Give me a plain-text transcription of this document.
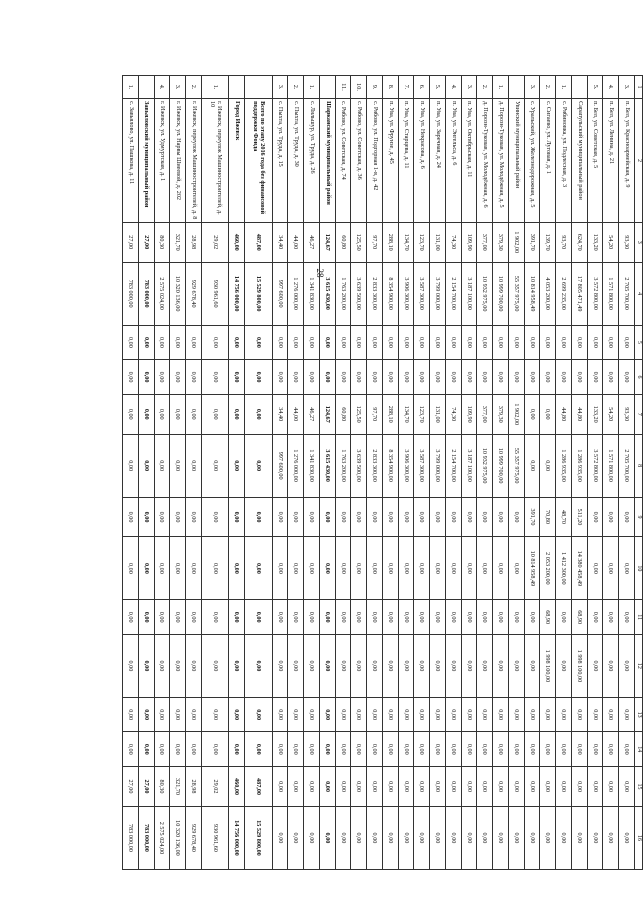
28
1	2	3	4	5	6	7	8	9	10	11	12	13	14	15	16
3.	п. Бел, ул. Красноармейская, д. 9	93,30	2 705 700,00	0,00	0,00	93,30	2 705 700,00	0,00	0,00	0,00	0,00	0,00	0,00	0,00	0,00
4.	п. Бел, ул. Ленина, д. 21	54,20	1 571 800,00	0,00	0,00	54,20	1 571 800,00	0,00	0,00	0,00	0,00	0,00	0,00	0,00	0,00
5.	п. Бел, ул. Советская, д. 5	133,20	3 572 800,00	0,00	0,00	133,20	3 572 800,00	0,00	0,00	0,00	0,00	0,00	0,00	0,00	0,00
	Сарапульский муниципальный район	624,70	17 805 471,49	0,00	0,00	44,80	1 286 935,00	511,20	14 380 458,49	68,90	1 998 100,00	0,00	0,00	0,00	0,00
1.	с. Рябиновка, ул. Подлесная, д. 3	93,70	2 699 235,00	0,00	0,00	44,80	1 286 935,00	48,70	1 412 300,00	0,00	0,00	0,00	0,00	0,00	0,00
2.	с. Сигаево, ул. Луговая, д. 1	139,70	4 053 200,00	0,00	0,00	0,00	0,00	70,80	2 053 200,00	68,90	1 998 100,00	0,00	0,00	0,00	0,00
3.	с. Уральский, ул. Железнодорожная, д. 5	391,70	10 814 958,49	0,00	0,00	0,00	0,00	391,70	10 814 958,49	0,00	0,00	0,00	0,00	0,00	0,00
	Увинский муниципальный район	1 902,00	55 357 975,00	0,00	0,00	1 902,00	55 357 975,00	0,00	0,00	0,00	0,00	0,00	0,00	0,00	0,00
1.	д. Порозн-Туковая, ул. Молодёжная, д. 5	379,30	10 999 700,00	0,00	0,00	379,30	10 999 700,00	0,00	0,00	0,00	0,00	0,00	0,00	0,00	0,00
2.	д. Порозн-Туковая, ул. Молодёжная, д. 6	377,00	10 932 975,00	0,00	0,00	377,00	10 932 975,00	0,00	0,00	0,00	0,00	0,00	0,00	0,00	0,00
3.	п. Ува, ул. Октябрьская, д. 11	109,90	3 187 100,00	0,00	0,00	109,90	3 187 100,00	0,00	0,00	0,00	0,00	0,00	0,00	0,00	0,00
4.	п. Ува, ул. Энгельса, д. 6	74,30	2 154 700,00	0,00	0,00	74,30	2 154 700,00	0,00	0,00	0,00	0,00	0,00	0,00	0,00	0,00
5.	п. Ува, ул. Заречная, д. 24	131,00	3 799 000,00	0,00	0,00	131,00	3 799 000,00	0,00	0,00	0,00	0,00	0,00	0,00	0,00	0,00
6.	п. Ува, ул. Некрасова, д. 6	123,70	3 587 300,00	0,00	0,00	123,70	3 587 300,00	0,00	0,00	0,00	0,00	0,00	0,00	0,00	0,00
7.	п. Ува, ул. Старцева, д. 11	134,70	3 906 300,00	0,00	0,00	134,70	3 906 300,00	0,00	0,00	0,00	0,00	0,00	0,00	0,00	0,00
8.	п. Ува, ул. Фрунзе, д. 45	288,10	8 354 900,00	0,00	0,00	288,10	8 354 900,00	0,00	0,00	0,00	0,00	0,00	0,00	0,00	0,00
9.	с. Рябово, ул. Подгорная 1-я, д. 42	97,70	2 833 300,00	0,00	0,00	97,70	2 833 300,00	0,00	0,00	0,00	0,00	0,00	0,00	0,00	0,00
10.	с. Рябово, ул. Советская, д. 36	125,50	3 639 500,00	0,00	0,00	125,50	3 639 500,00	0,00	0,00	0,00	0,00	0,00	0,00	0,00	0,00
11.	с. Рябово, ул. Советская, д. 74	60,80	1 763 200,00	0,00	0,00	60,80	1 763 200,00	0,00	0,00	0,00	0,00	0,00	0,00	0,00	0,00
	Шарканский муниципальный район	124,67	3 615 430,00	0,00	0,00	124,67	3 615 430,00	0,00	0,00	0,00	0,00	0,00	0,00	0,00	0,00
1.	с. Ляльшур, ул. Труда, д. 26	46,27	1 341 830,00	0,00	0,00	46,27	1 341 830,00	0,00	0,00	0,00	0,00	0,00	0,00	0,00	0,00
2.	с. Пыхта, ул. Труда, д. 30	44,00	1 276 000,00	0,00	0,00	44,00	1 276 000,00	0,00	0,00	0,00	0,00	0,00	0,00	0,00	0,00
3.	с. Пыхта, ул. Труда, д. 15	34,40	997 600,00	0,00	0,00	34,40	997 600,00	0,00	0,00	0,00	0,00	0,00	0,00	0,00	0,00
	Всего по этапу 2016 года без финансовой поддержки Фонда	487,00	15 529 800,00	0,00	0,00	0,00	0,00	0,00	0,00	0,00	0,00	0,00	0,00	487,00	15 529 800,00
	Город Ижевск	460,00	14 756 000,00	0,00	0,00	0,00	0,00	0,00	0,00	0,00	0,00	0,00	0,00	460,00	14 756 000,00
1.	г. Ижевск, переулок Машиностроителей, д. 10	29,02	930 961,60	0,00	0,00	0,00	0,00	0,00	0,00	0,00	0,00	0,00	0,00	29,02	930 961,60
2.	г. Ижевск, переулок Машиностроителей, д. 8	28,98	929 678,40	0,00	0,00	0,00	0,00	0,00	0,00	0,00	0,00	0,00	0,00	28,98	929 678,40
3.	г. Ижевск, ул. Нарвы Шиеевой, д. 202	321,70	10 320 136,00	0,00	0,00	0,00	0,00	0,00	0,00	0,00	0,00	0,00	0,00	321,70	10 320 136,00
4.	г. Ижевск, ул. Удмуртская, д. 1	80,30	2 575 024,00	0,00	0,00	0,00	0,00	0,00	0,00	0,00	0,00	0,00	0,00	80,30	2 575 024,00
	Завьяловский муниципальный район	27,00	783 000,00	0,00	0,00	0,00	0,00	0,00	0,00	0,00	0,00	0,00	0,00	27,00	783 000,00
1.	с. Завьялово, ул. Пашкова, д. 11	27,00	783 000,00	0,00	0,00	0,00	0,00	0,00	0,00	0,00	0,00	0,00	0,00	27,00	783 000,00
